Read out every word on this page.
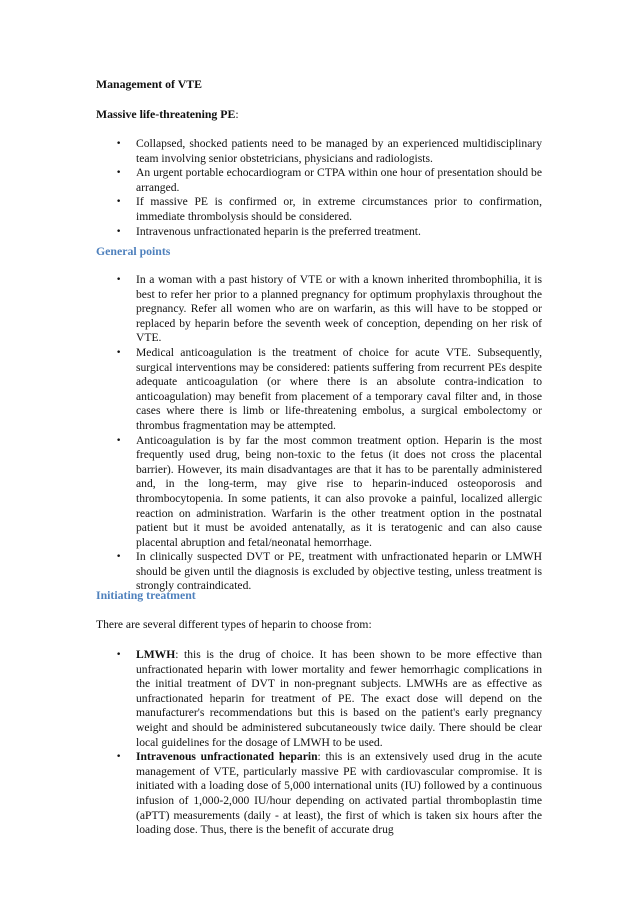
Management of VTE
Massive life-threatening PE:
• Collapsed, shocked patients need to be managed by an experienced multidisciplinary team involving senior obstetricians, physicians and radiologists.
• An urgent portable echocardiogram or CTPA within one hour of presentation should be arranged.
• If massive PE is confirmed or, in extreme circumstances prior to confirmation, immediate thrombolysis should be considered.
• Intravenous unfractionated heparin is the preferred treatment.
General points
• In a woman with a past history of VTE or with a known inherited thrombophilia, it is best to refer her prior to a planned pregnancy for optimum prophylaxis throughout the pregnancy. Refer all women who are on warfarin, as this will have to be stopped or replaced by heparin before the seventh week of conception, depending on her risk of VTE.
• Medical anticoagulation is the treatment of choice for acute VTE. Subsequently, surgical interventions may be considered: patients suffering from recurrent PEs despite adequate anticoagulation (or where there is an absolute contra-indication to anticoagulation) may benefit from placement of a temporary caval filter and, in those cases where there is limb or life-threatening embolus, a surgical embolectomy or thrombus fragmentation may be attempted.
• Anticoagulation is by far the most common treatment option. Heparin is the most frequently used drug, being non-toxic to the fetus (it does not cross the placental barrier). However, its main disadvantages are that it has to be parentally administered and, in the long-term, may give rise to heparin-induced osteoporosis and thrombocytopenia. In some patients, it can also provoke a painful, localized allergic reaction on administration. Warfarin is the other treatment option in the postnatal patient but it must be avoided antenatally, as it is teratogenic and can also cause placental abruption and fetal/neonatal hemorrhage.
• In clinically suspected DVT or PE, treatment with unfractionated heparin or LMWH should be given until the diagnosis is excluded by objective testing, unless treatment is strongly contraindicated.
Initiating treatment
There are several different types of heparin to choose from:
• LMWH: this is the drug of choice. It has been shown to be more effective than unfractionated heparin with lower mortality and fewer hemorrhagic complications in the initial treatment of DVT in non-pregnant subjects. LMWHs are as effective as unfractionated heparin for treatment of PE. The exact dose will depend on the manufacturer's recommendations but this is based on the patient's early pregnancy weight and should be administered subcutaneously twice daily. There should be clear local guidelines for the dosage of LMWH to be used.
• Intravenous unfractionated heparin: this is an extensively used drug in the acute management of VTE, particularly massive PE with cardiovascular compromise. It is initiated with a loading dose of 5,000 international units (IU) followed by a continuous infusion of 1,000-2,000 IU/hour depending on activated partial thromboplastin time (aPTT) measurements (daily - at least), the first of which is taken six hours after the loading dose. Thus, there is the benefit of accurate drug
